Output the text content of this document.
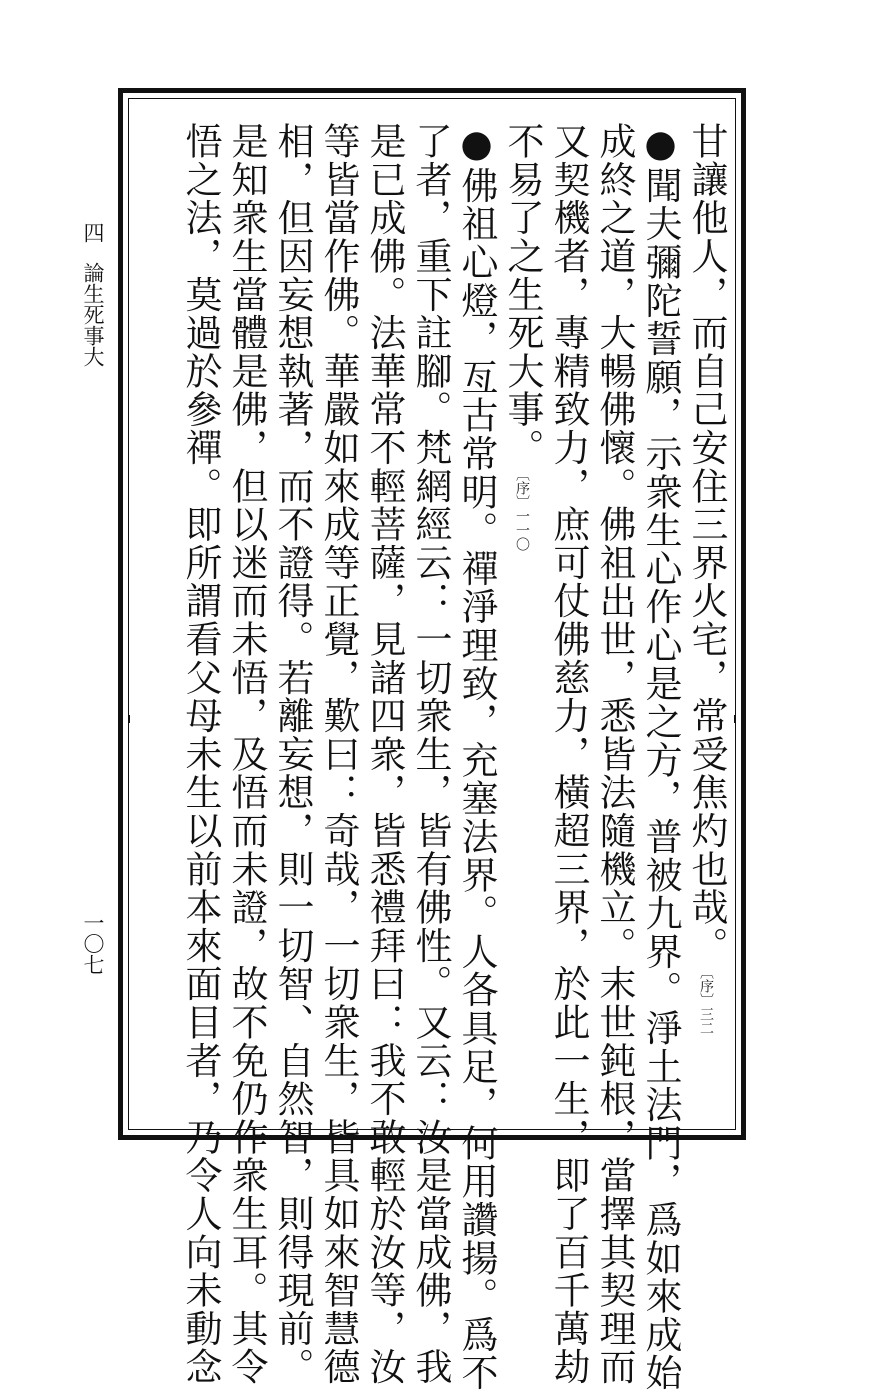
甘讓他人，而自己安住三界火宅，常受焦灼也哉。〔序〕三二
●聞夫彌陀誓願，示衆生心作心是之方，普被九界。淨土法門，爲如來成始
成終之道，大暢佛懷。佛祖出世，悉皆法隨機立。末世鈍根，當擇其契理而
又契機者，專精致力，庶可仗佛慈力，橫超三界，於此一生，即了百千萬劫
不易了之生死大事。〔序〕一一〇
●佛祖心燈，亙古常明。禪淨理致，充塞法界。人各具足，何用讚揚。爲不
了者，重下註腳。梵網經云：一切衆生，皆有佛性。又云：汝是當成佛，我
是已成佛。法華常不輕菩薩，見諸四衆，皆悉禮拜曰：我不敢輕於汝等，汝
等皆當作佛。華嚴如來成等正覺，歎曰：奇哉，一切衆生，皆具如來智慧德
相，但因妄想執著，而不證得。若離妄想，則一切智、自然智，則得現前。
是知衆生當體是佛，但以迷而未悟，及悟而未證，故不免仍作衆生耳。其令
悟之法，莫過於參禪。即所謂看父母未生以前本來面目者，乃令人向未動念
四
論生死事大
一〇七
